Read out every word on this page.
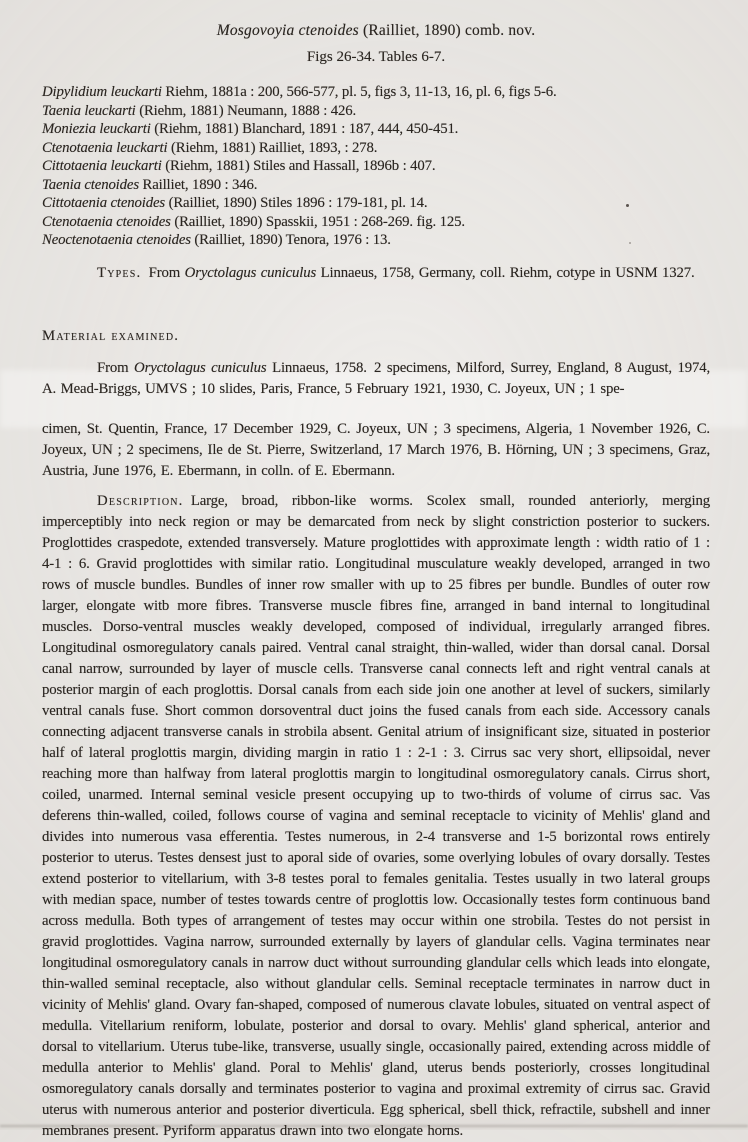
Mosgovoyia ctenoides (Railliet, 1890) comb. nov.
Figs 26-34. Tables 6-7.
Dipylidium leuckarti Riehm, 1881a : 200, 566-577, pl. 5, figs 3, 11-13, 16, pl. 6, figs 5-6.
Taenia leuckarti (Riehm, 1881) Neumann, 1888 : 426.
Moniezia leuckarti (Riehm, 1881) Blanchard, 1891 : 187, 444, 450-451.
Ctenotaenia leuckarti (Riehm, 1881) Railliet, 1893, : 278.
Cittotaenia leuckarti (Riehm, 1881) Stiles and Hassall, 1896b : 407.
Taenia ctenoides Railliet, 1890 : 346.
Cittotaenia ctenoides (Railliet, 1890) Stiles 1896 : 179-181, pl. 14.
Ctenotaenia ctenoides (Railliet, 1890) Spasskii, 1951 : 268-269. fig. 125.
Neoctenotaenia ctenoides (Railliet, 1890) Tenora, 1976 : 13.

Types. From Oryctolagus cuniculus Linnaeus, 1758, Germany, coll. Riehm, cotype in USNM 1327.

Material examined.

From Oryctolagus cuniculus Linnaeus, 1758. 2 specimens, Milford, Surrey, England, 8 August, 1974, A. Mead-Briggs, UMVS ; 10 slides, Paris, France, 5 February 1921, 1930, C. Joyeux, UN ; 1 spe-

cimen, St. Quentin, France, 17 December 1929, C. Joyeux, UN ; 3 specimens, Algeria, 1 November 1926, C. Joyeux, UN ; 2 specimens, Ile de St. Pierre, Switzerland, 17 March 1976, B. Hörning, UN ; 3 specimens, Graz, Austria, June 1976, E. Ebermann, in colln. of E. Ebermann.

Description. Large, broad, ribbon-like worms. Scolex small, rounded anteriorly, merging imperceptibly into neck region or may be demarcated from neck by slight constriction posterior to suckers. Proglottides craspedote, extended transversely. Mature proglottides with approximate length : width ratio of 1 : 4-1 : 6. Gravid proglottides with similar ratio. Longitudinal musculature weakly developed, arranged in two rows of muscle bundles. Bundles of inner row smaller with up to 25 fibres per bundle. Bundles of outer row larger, elongate witb more fibres. Transverse muscle fibres fine, arranged in band internal to longitudinal muscles. Dorso-ventral muscles weakly developed, composed of individual, irregularly arranged fibres. Longitudinal osmoregulatory canals paired. Ventral canal straight, thin-walled, wider than dorsal canal. Dorsal canal narrow, surrounded by layer of muscle cells. Transverse canal connects left and right ventral canals at posterior margin of each proglottis. Dorsal canals from each side join one another at level of suckers, similarly ventral canals fuse. Short common dorsoventral duct joins the fused canals from each side. Accessory canals connecting adjacent transverse canals in strobila absent. Genital atrium of insignificant size, situated in posterior half of lateral proglottis margin, dividing margin in ratio 1 : 2-1 : 3. Cirrus sac very short, ellipsoidal, never reaching more than halfway from lateral proglottis margin to longitudinal osmoregulatory canals. Cirrus short, coiled, unarmed. Internal seminal vesicle present occupying up to two-thirds of volume of cirrus sac. Vas deferens thin-walled, coiled, follows course of vagina and seminal receptacle to vicinity of Mehlis' gland and divides into numerous vasa efferentia. Testes numerous, in 2-4 transverse and 1-5 borizontal rows entirely posterior to uterus. Testes densest just to aporal side of ovaries, some overlying lobules of ovary dorsally. Testes extend posterior to vitellarium, with 3-8 testes poral to females genitalia. Testes usually in two lateral groups with median space, number of testes towards centre of proglottis low. Occasionally testes form continuous band across medulla. Both types of arrangement of testes may occur within one strobila. Testes do not persist in gravid proglottides. Vagina narrow, surrounded externally by layers of glandular cells. Vagina terminates near longitudinal osmoregulatory canals in narrow duct without surrounding glandular cells which leads into elongate, thin-walled seminal receptacle, also without glandular cells. Seminal receptacle terminates in narrow duct in vicinity of Mehlis' gland. Ovary fan-shaped, composed of numerous clavate lobules, situated on ventral aspect of medulla. Vitellarium reniform, lobulate, posterior and dorsal to ovary. Mehlis' gland spherical, anterior and dorsal to vitellarium. Uterus tube-like, transverse, usually single, occasionally paired, extending across middle of medulla anterior to Mehlis' gland. Poral to Mehlis' gland, uterus bends posteriorly, crosses longitudinal osmoregulatory canals dorsally and terminates posterior to vagina and proximal extremity of cirrus sac. Gravid uterus with numerous anterior and posterior diverticula. Egg spherical, sbell thick, refractile, subshell and inner membranes present. Pyriform apparatus drawn into two elongate horns.
